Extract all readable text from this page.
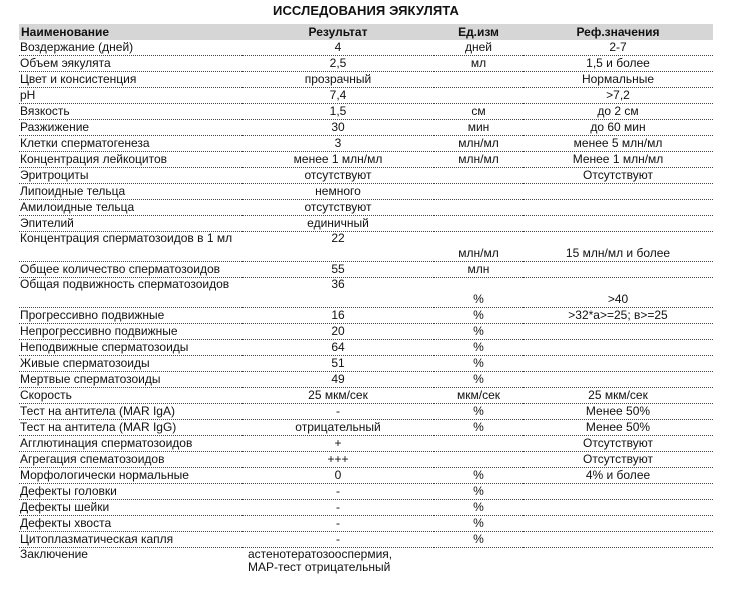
ИССЛЕДОВАНИЯ ЭЯКУЛЯТА
Наименование	Результат	Ед.изм	Реф.значения
Воздержание (дней)	4	дней	2-7
Объем эякулята	2,5	мл	1,5 и более
Цвет и консистенция	прозрачный		Нормальные
pH	7,4		>7,2
Вязкость	1,5	см	до 2 см
Разжижение	30	мин	до 60 мин
Клетки сперматогенеза	3	млн/мл	менее 5 млн/мл
Концентрация лейкоцитов	менее 1 млн/мл	млн/мл	Менее 1 млн/мл
Эритроциты	отсутствуют		Отсутствуют
Липоидные тельца	немного		
Амилоидные тельца	отсутствуют		
Эпителий	единичный		
Концентрация сперматозоидов в 1 мл	22	млн/мл	15 млн/мл и более
Общее количество сперматозоидов	55	млн	
Общая подвижность сперматозоидов	36	%	>40
Прогрессивно подвижные	16	%	>32*а>=25; в>=25
Непрогрессивно подвижные	20	%	
Неподвижные сперматозоиды	64	%	
Живые сперматозоиды	51	%	
Мертвые сперматозоиды	49	%	
Скорость	25 мкм/сек	мкм/сек	25 мкм/сек
Тест на антитела (MAR IgA)	-	%	Менее 50%
Тест на антитела (MAR IgG)	отрицательный	%	Менее 50%
Агглютинация сперматозоидов	+		Отсутствуют
Агрегация спематозоидов	+++		Отсутствуют
Морфологически нормальные	0	%	4% и более
Дефекты головки	-	%	
Дефекты шейки	-	%	
Дефекты хвоста	-	%	
Цитоплазматическая капля	-	%	
Заключение	астенотератозооспермия,
МАР-тест отрицательный		
